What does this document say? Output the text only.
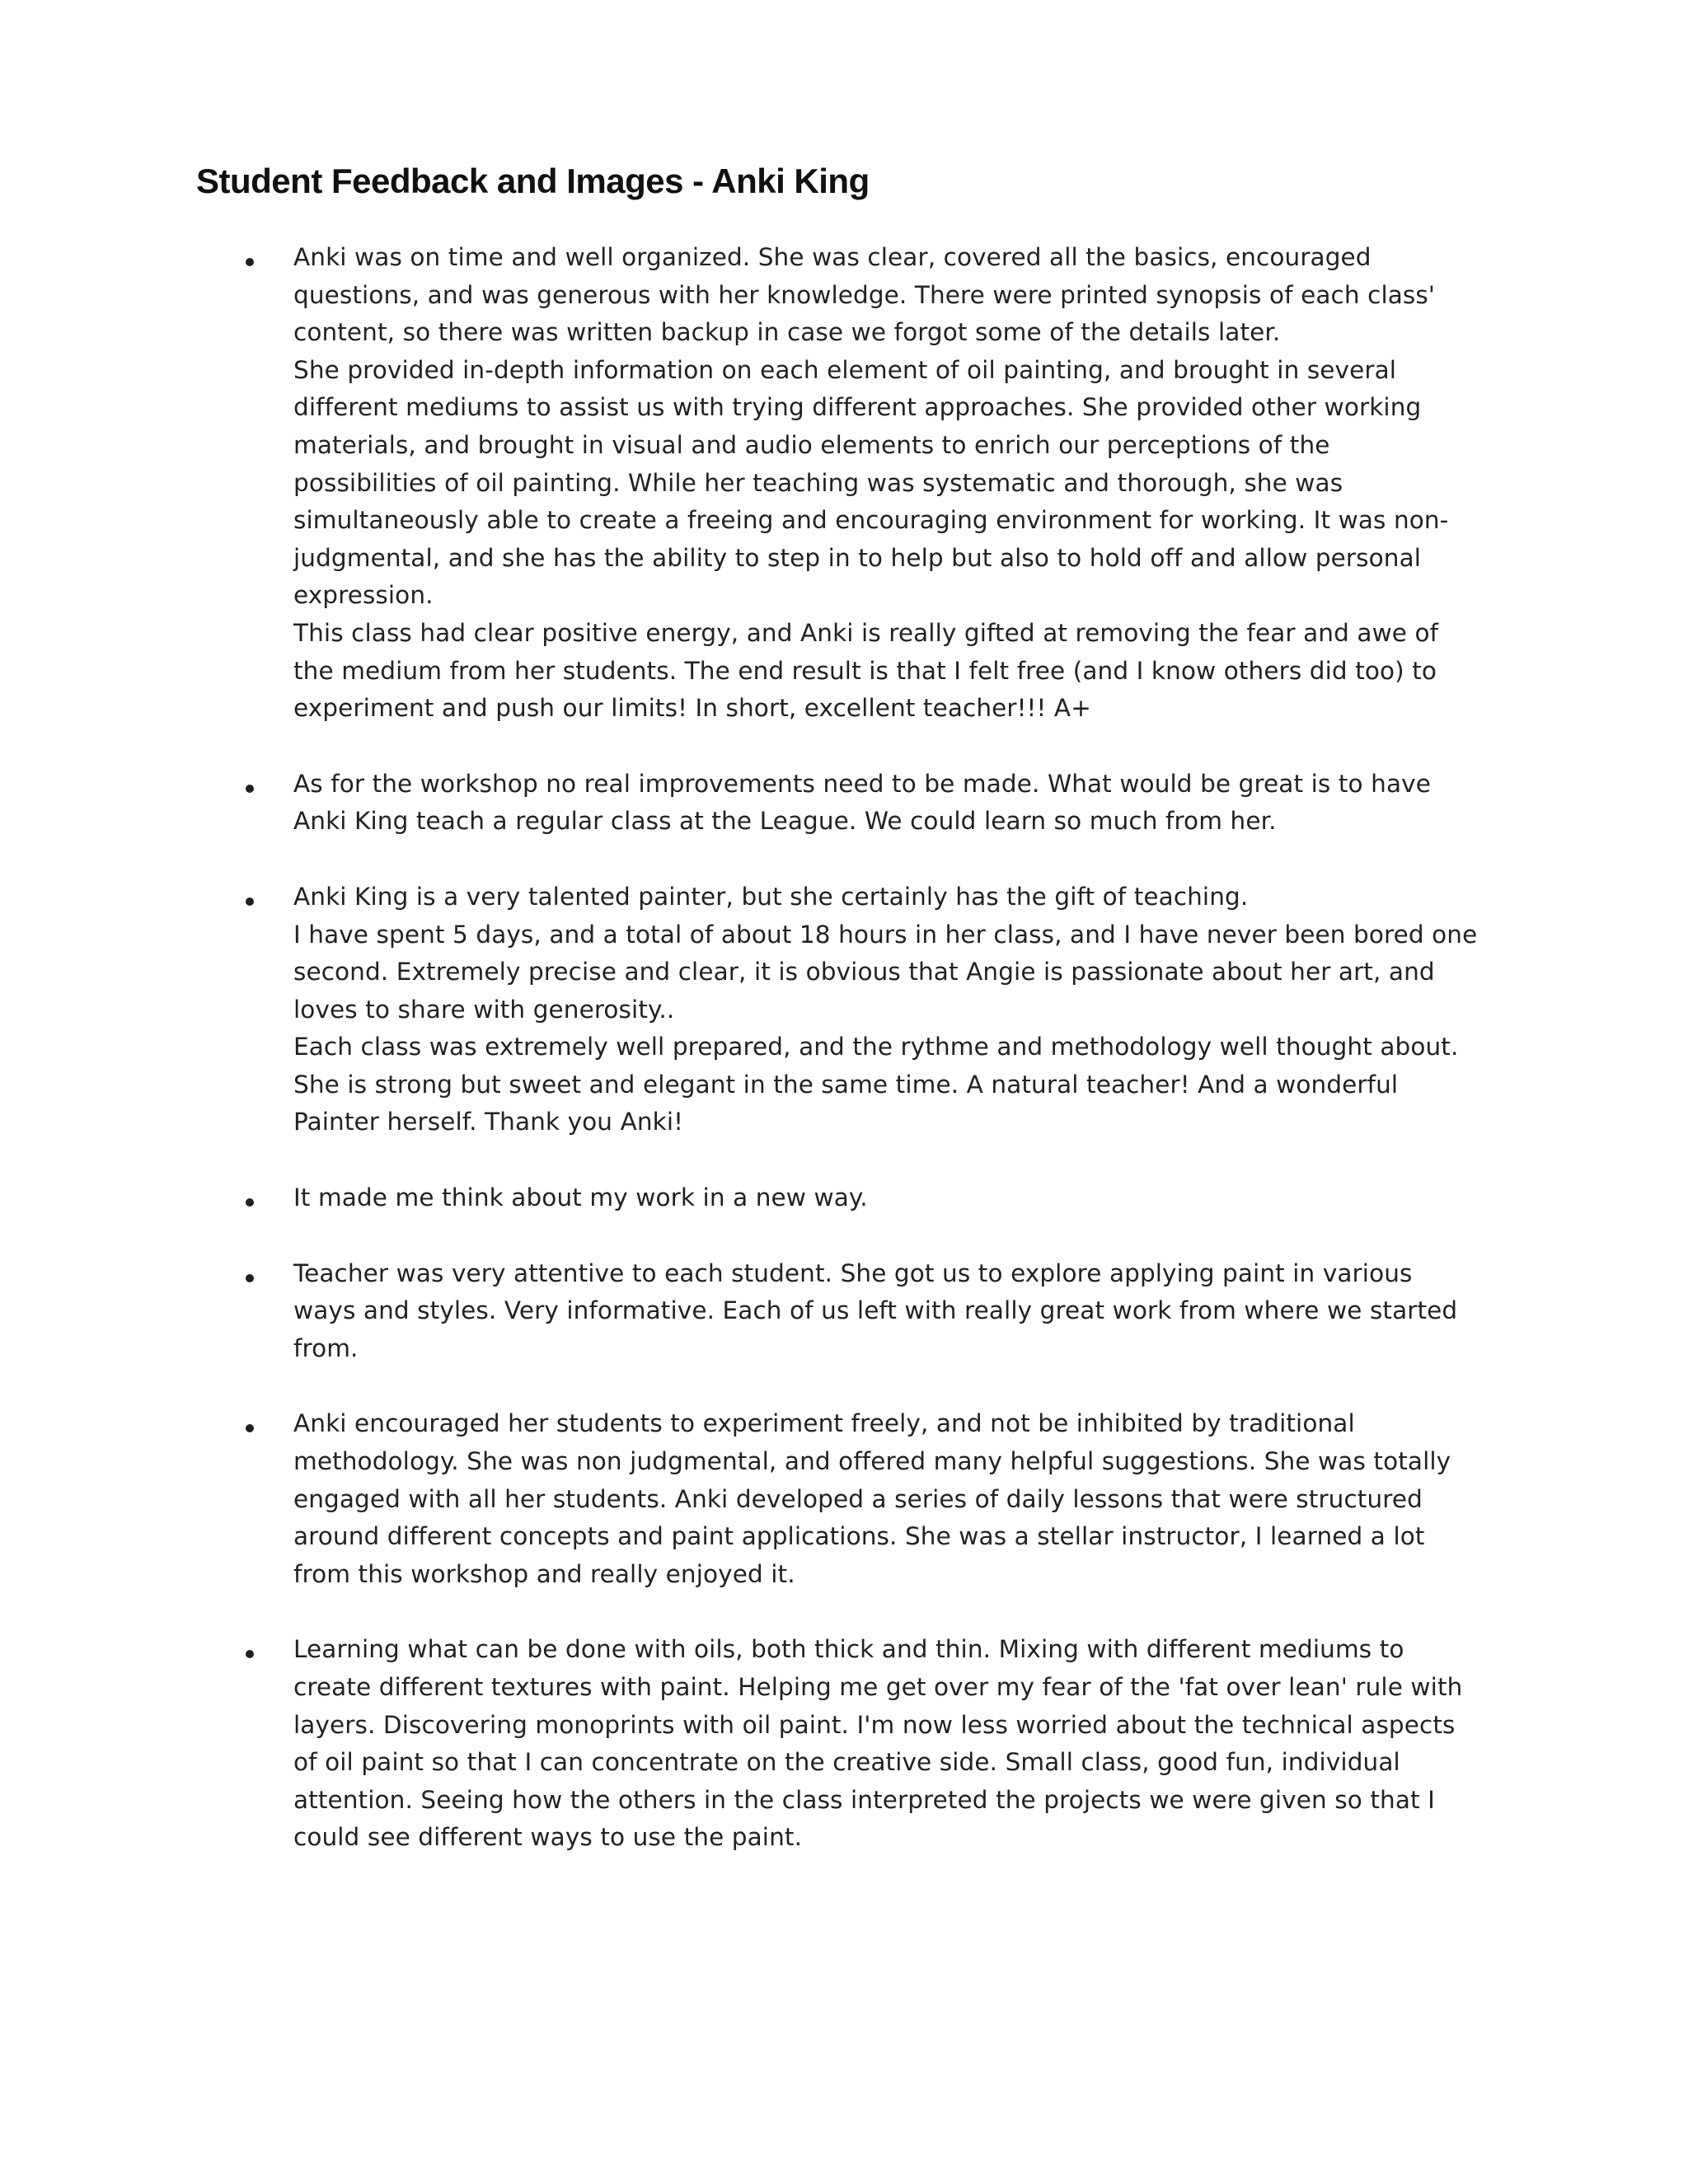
Student Feedback and Images - Anki King

Anki was on time and well organized. She was clear, covered all the basics, encouraged questions, and was generous with her knowledge. There were printed synopsis of each class' content, so there was written backup in case we forgot some of the details later.

She provided in-depth information on each element of oil painting, and brought in several different mediums to assist us with trying different approaches. She provided other working materials, and brought in visual and audio elements to enrich our perceptions of the possibilities of oil painting. While her teaching was systematic and thorough, she was simultaneously able to create a freeing and encouraging environment for working. It was non-judgmental, and she has the ability to step in to help but also to hold off and allow personal expression.

This class had clear positive energy, and Anki is really gifted at removing the fear and awe of the medium from her students. The end result is that I felt free (and I know others did too) to experiment and push our limits! In short, excellent teacher!!! A+

As for the workshop no real improvements need to be made. What would be great is to have Anki King teach a regular class at the League. We could learn so much from her.

Anki King is a very talented painter, but she certainly has the gift of teaching.

I have spent 5 days, and a total of about 18 hours in her class, and I have never been bored one second. Extremely precise and clear, it is obvious that Angie is passionate about her art, and loves to share with generosity..

Each class was extremely well prepared, and the rythme and methodology well thought about.

She is strong but sweet and elegant in the same time. A natural teacher! And a wonderful Painter herself. Thank you Anki!

It made me think about my work in a new way.

Teacher was very attentive to each student. She got us to explore applying paint in various ways and styles. Very informative. Each of us left with really great work from where we started from.

Anki encouraged her students to experiment freely, and not be inhibited by traditional methodology. She was non judgmental, and offered many helpful suggestions. She was totally engaged with all her students. Anki developed a series of daily lessons that were structured around different concepts and paint applications. She was a stellar instructor, I learned a lot from this workshop and really enjoyed it.

Learning what can be done with oils, both thick and thin. Mixing with different mediums to create different textures with paint. Helping me get over my fear of the 'fat over lean' rule with layers. Discovering monoprints with oil paint. I'm now less worried about the technical aspects of oil paint so that I can concentrate on the creative side. Small class, good fun, individual attention. Seeing how the others in the class interpreted the projects we were given so that I could see different ways to use the paint.
